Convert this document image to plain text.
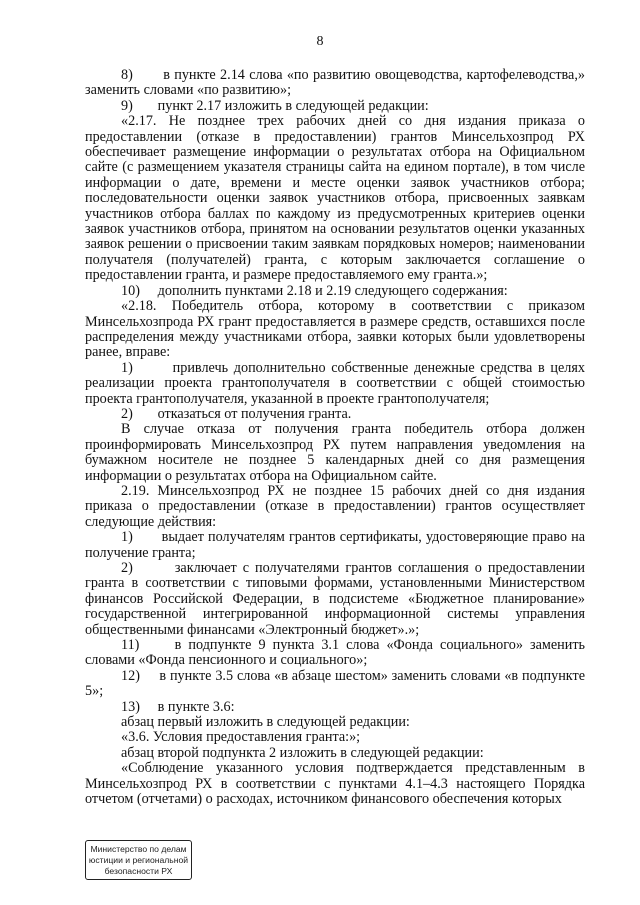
8

8)       в пункте 2.14 слова «по развитию овощеводства, картофелеводства,» заменить словами «по развитию»;

9)       пункт 2.17 изложить в следующей редакции:

«2.17. Не позднее трех рабочих дней со дня издания приказа о предоставлении (отказе в предоставлении) грантов Минсельхозпрод РХ обеспечивает размещение информации о результатах отбора на Официальном сайте (с размещением указателя страницы сайта на едином портале), в том числе информации о дате, времени и месте оценки заявок участников отбора; последовательности оценки заявок участников отбора, присвоенных заявкам участников отбора баллах по каждому из предусмотренных критериев оценки заявок участников отбора, принятом на основании результатов оценки указанных заявок решении о присвоении таким заявкам порядковых номеров; наименовании получателя (получателей) гранта, с которым заключается соглашение о предоставлении гранта, и размере предоставляемого ему гранта.»;

10)     дополнить пунктами 2.18 и 2.19 следующего содержания:

«2.18. Победитель отбора, которому в соответствии с приказом Минсельхозпрода РХ грант предоставляется в размере средств, оставшихся после распределения между участниками отбора, заявки которых были удовлетворены ранее, вправе:

1)       привлечь дополнительно собственные денежные средства в целях реализации проекта грантополучателя в соответствии с общей стоимостью проекта грантополучателя, указанной в проекте грантополучателя;

2)       отказаться от получения гранта.

В случае отказа от получения гранта победитель отбора должен проинформировать Минсельхозпрод РХ путем направления уведомления на бумажном носителе не позднее 5 календарных дней со дня размещения информации о результатах отбора на Официальном сайте.

2.19. Минсельхозпрод РХ не позднее 15 рабочих дней со дня издания приказа о предоставлении (отказе в предоставлении) грантов осуществляет следующие действия:

1)       выдает получателям грантов сертификаты, удостоверяющие право на получение гранта;

2)       заключает с получателями грантов соглашения о предоставлении гранта в соответствии с типовыми формами, установленными Министерством финансов Российской Федерации, в подсистеме «Бюджетное планирование» государственной интегрированной информационной системы управления общественными финансами «Электронный бюджет».»;

11)     в подпункте 9 пункта 3.1 слова «Фонда социального» заменить словами «Фонда пенсионного и социального»;

12)     в пункте 3.5 слова «в абзаце шестом» заменить словами «в подпункте 5»;

13)     в пункте 3.6:

абзац первый изложить в следующей редакции:

«3.6. Условия предоставления гранта:»;

абзац второй подпункта 2 изложить в следующей редакции:

«Соблюдение указанного условия подтверждается представленным в Минсельхозпрод РХ в соответствии с пунктами 4.1–4.3 настоящего Порядка отчетом (отчетами) о расходах, источником финансового обеспечения которых

Министерство по делам
юстиции и региональной
безопасности РХ
